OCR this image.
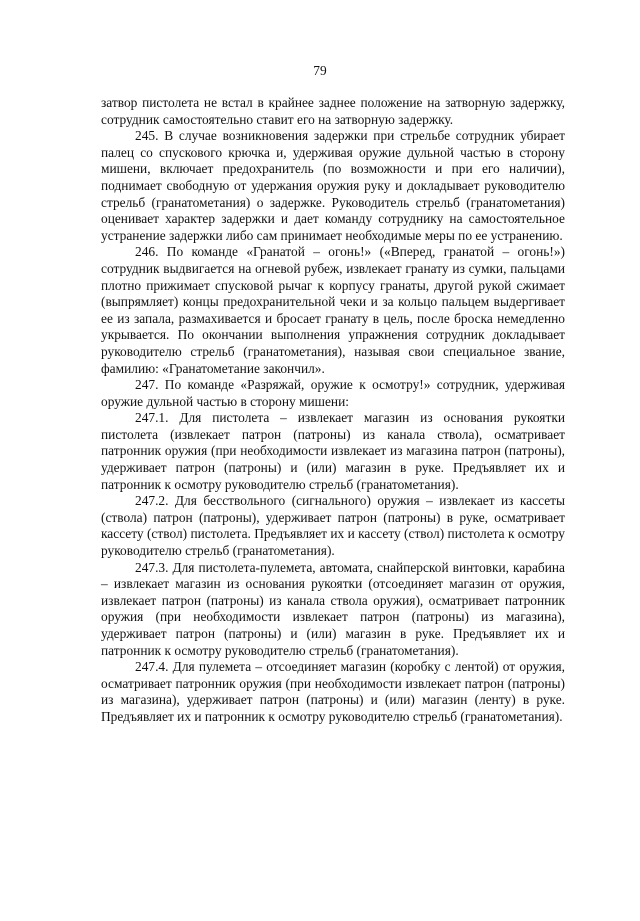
79

затвор пистолета не встал в крайнее заднее положение на затворную задержку, сотрудник самостоятельно ставит его на затворную задержку.

245. В случае возникновения задержки при стрельбе сотрудник убирает палец со спускового крючка и, удерживая оружие дульной частью в сторону мишени, включает предохранитель (по возможности и при его наличии), поднимает свободную от удержания оружия руку и докладывает руководителю стрельб (гранатометания) о задержке. Руководитель стрельб (гранатометания) оценивает характер задержки и дает команду сотруднику на самостоятельное устранение задержки либо сам принимает необходимые меры по ее устранению.

246. По команде «Гранатой – огонь!» («Вперед, гранатой – огонь!») сотрудник выдвигается на огневой рубеж, извлекает гранату из сумки, пальцами плотно прижимает спусковой рычаг к корпусу гранаты, другой рукой сжимает (выпрямляет) концы предохранительной чеки и за кольцо пальцем выдергивает ее из запала, размахивается и бросает гранату в цель, после броска немедленно укрывается. По окончании выполнения упражнения сотрудник докладывает руководителю стрельб (гранатометания), называя свои специальное звание, фамилию: «Гранатометание закончил».

247. По команде «Разряжай, оружие к осмотру!» сотрудник, удерживая оружие дульной частью в сторону мишени:

247.1. Для пистолета – извлекает магазин из основания рукоятки пистолета (извлекает патрон (патроны) из канала ствола), осматривает патронник оружия (при необходимости извлекает из магазина патрон (патроны), удерживает патрон (патроны) и (или) магазин в руке. Предъявляет их и патронник к осмотру руководителю стрельб (гранатометания).

247.2. Для бесствольного (сигнального) оружия – извлекает из кассеты (ствола) патрон (патроны), удерживает патрон (патроны) в руке, осматривает кассету (ствол) пистолета. Предъявляет их и кассету (ствол) пистолета к осмотру руководителю стрельб (гранатометания).

247.3. Для пистолета-пулемета, автомата, снайперской винтовки, карабина – извлекает магазин из основания рукоятки (отсоединяет магазин от оружия, извлекает патрон (патроны) из канала ствола оружия), осматривает патронник оружия (при необходимости извлекает патрон (патроны) из магазина), удерживает патрон (патроны) и (или) магазин в руке. Предъявляет их и патронник к осмотру руководителю стрельб (гранатометания).

247.4. Для пулемета – отсоединяет магазин (коробку с лентой) от оружия, осматривает патронник оружия (при необходимости извлекает патрон (патроны) из магазина), удерживает патрон (патроны) и (или) магазин (ленту) в руке. Предъявляет их и патронник к осмотру руководителю стрельб (гранатометания).
